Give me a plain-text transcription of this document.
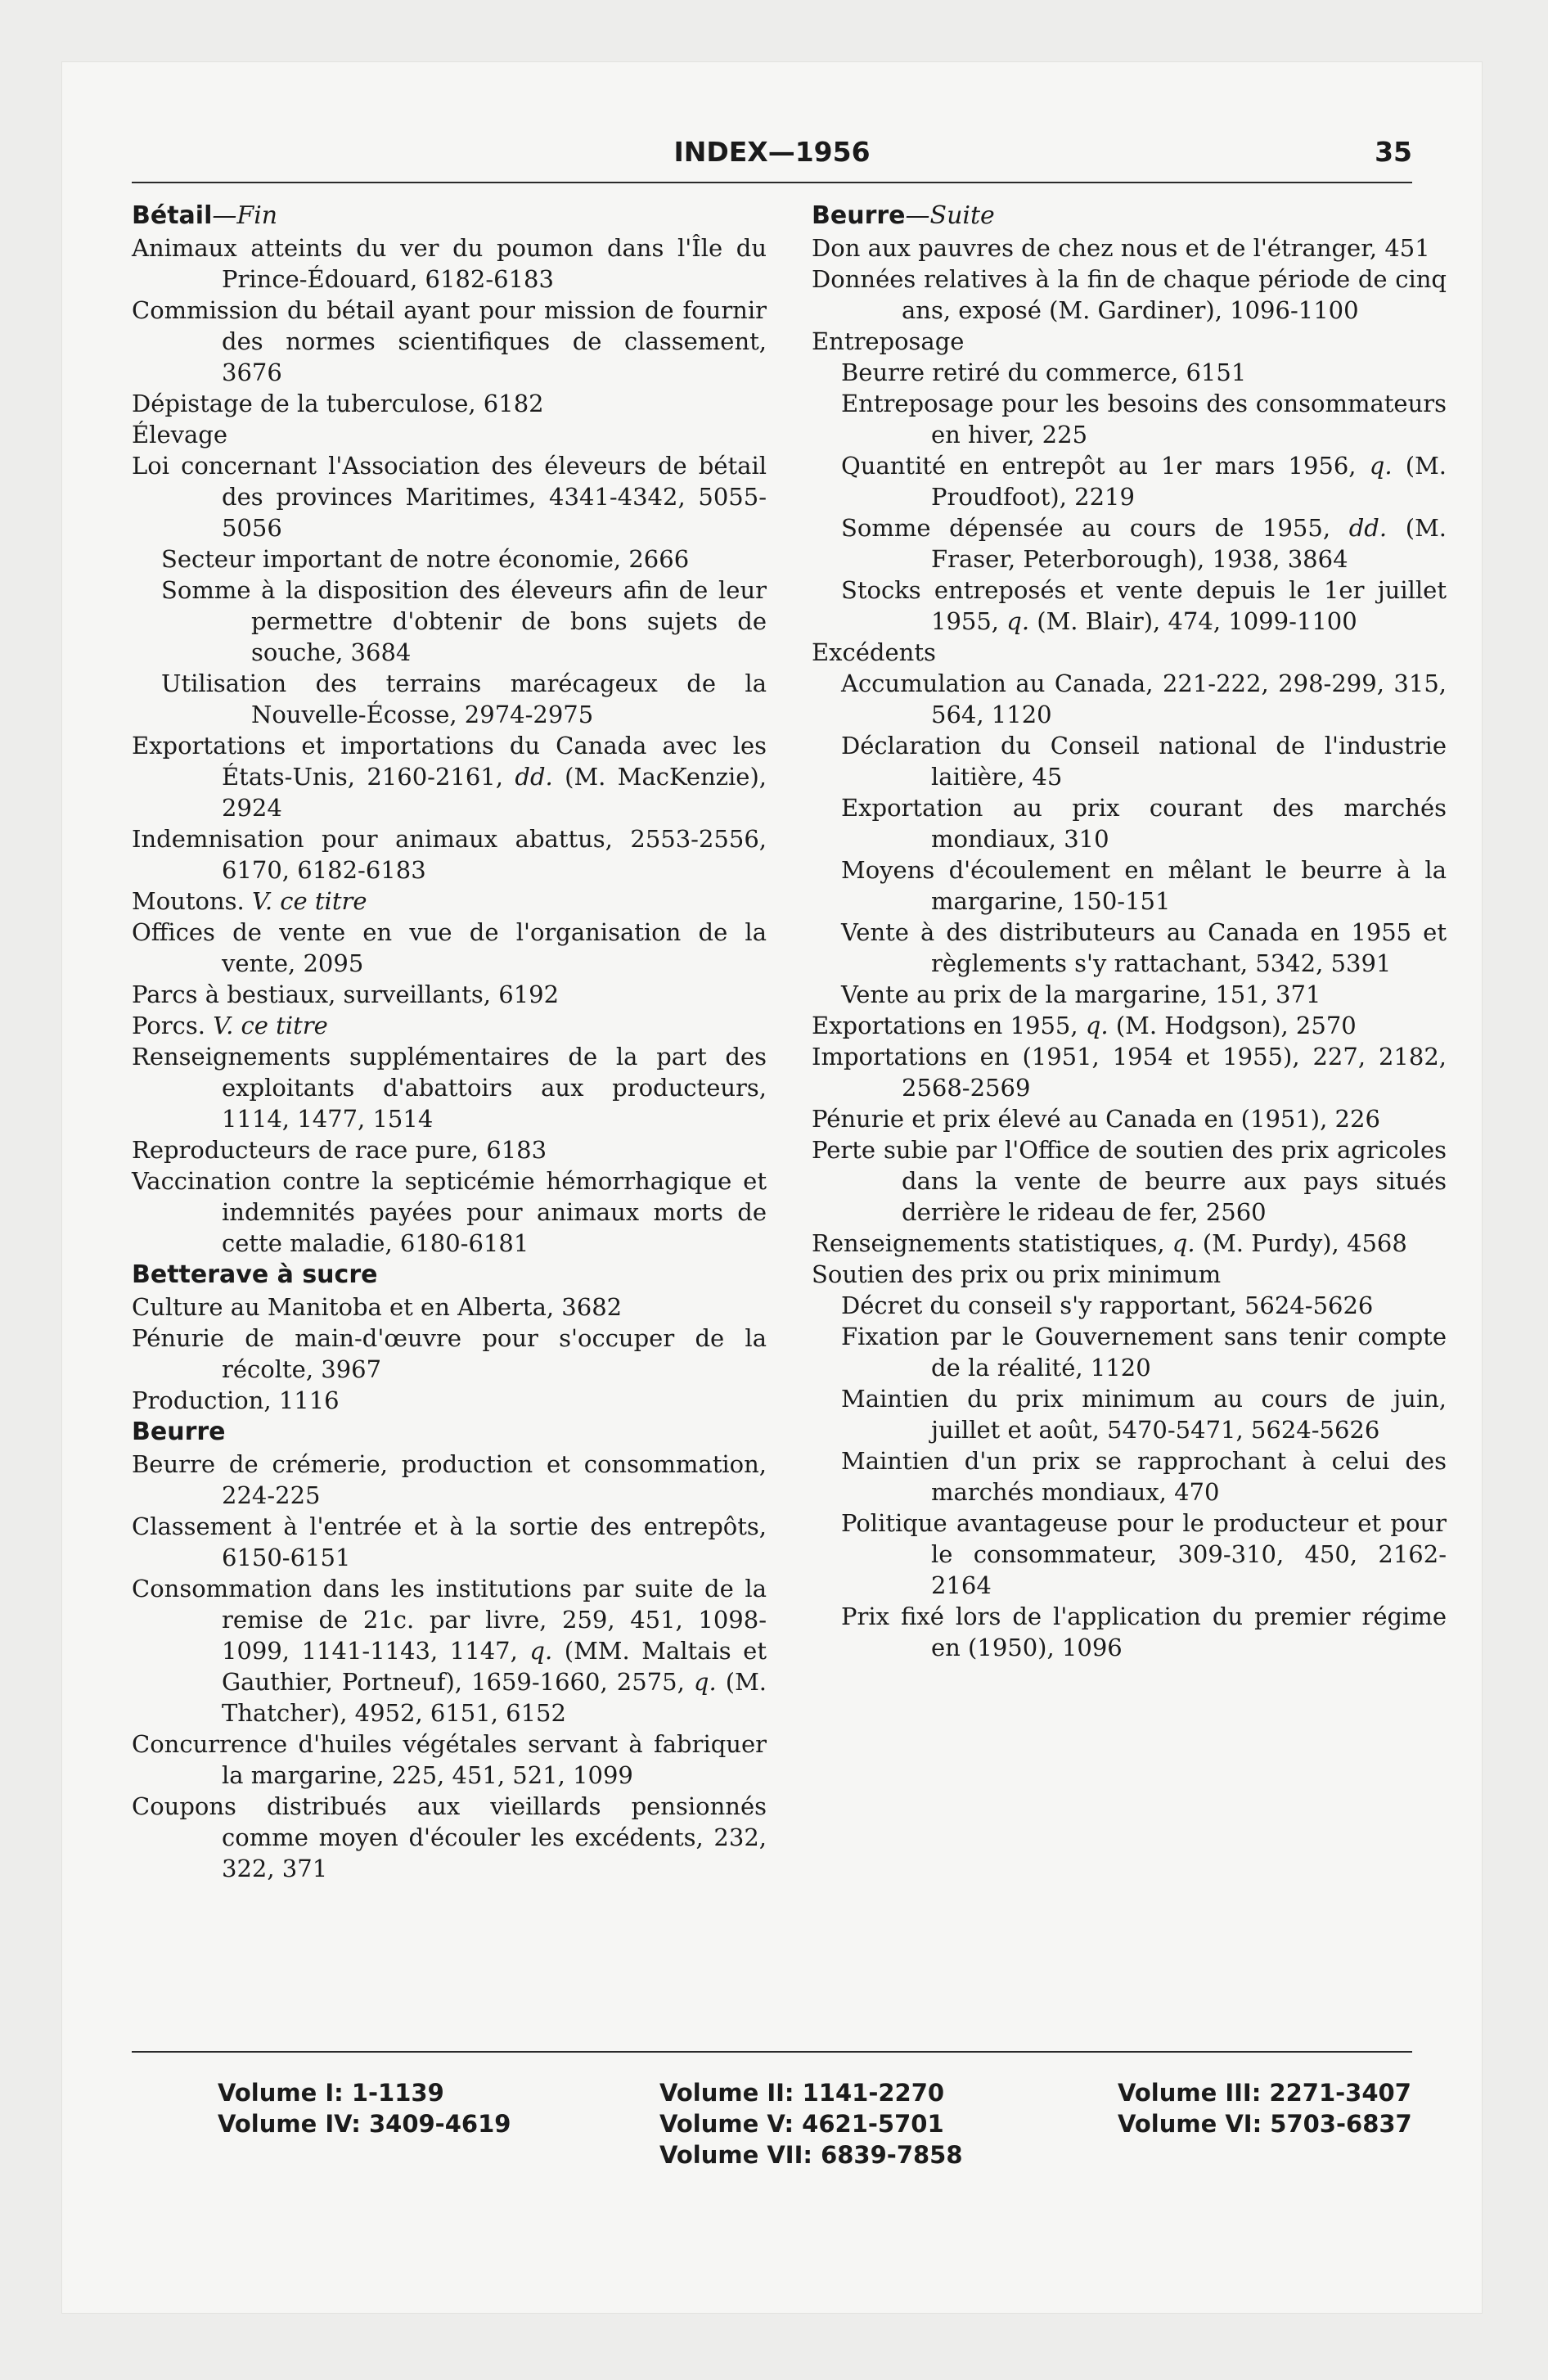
INDEX—1956	35
Bétail—Fin
Animaux atteints du ver du poumon dans l'Île du Prince-Édouard, 6182-6183
Commission du bétail ayant pour mission de fournir des normes scientifiques de classement, 3676
Dépistage de la tuberculose, 6182
Élevage
Loi concernant l'Association des éleveurs de bétail des provinces Maritimes, 4341-4342, 5055-5056
Secteur important de notre économie, 2666
Somme à la disposition des éleveurs afin de leur permettre d'obtenir de bons sujets de souche, 3684
Utilisation des terrains marécageux de la Nouvelle-Écosse, 2974-2975
Exportations et importations du Canada avec les États-Unis, 2160-2161, dd. (M. MacKenzie), 2924
Indemnisation pour animaux abattus, 2553-2556, 6170, 6182-6183
Moutons. V. ce titre
Offices de vente en vue de l'organisation de la vente, 2095
Parcs à bestiaux, surveillants, 6192
Porcs. V. ce titre
Renseignements supplémentaires de la part des exploitants d'abattoirs aux producteurs, 1114, 1477, 1514
Reproducteurs de race pure, 6183
Vaccination contre la septicémie hémorrhagique et indemnités payées pour animaux morts de cette maladie, 6180-6181
Betterave à sucre
Culture au Manitoba et en Alberta, 3682
Pénurie de main-d'œuvre pour s'occuper de la récolte, 3967
Production, 1116
Beurre
Beurre de crémerie, production et consommation, 224-225
Classement à l'entrée et à la sortie des entrepôts, 6150-6151
Consommation dans les institutions par suite de la remise de 21c. par livre, 259, 451, 1098-1099, 1141-1143, 1147, q. (MM. Maltais et Gauthier, Portneuf), 1659-1660, 2575, q. (M. Thatcher), 4952, 6151, 6152
Concurrence d'huiles végétales servant à fabriquer la margarine, 225, 451, 521, 1099
Coupons distribués aux vieillards pensionnés comme moyen d'écouler les excédents, 232, 322, 371
Beurre—Suite
Don aux pauvres de chez nous et de l'étranger, 451
Données relatives à la fin de chaque période de cinq ans, exposé (M. Gardiner), 1096-1100
Entreposage
Beurre retiré du commerce, 6151
Entreposage pour les besoins des consommateurs en hiver, 225
Quantité en entrepôt au 1er mars 1956, q. (M. Proudfoot), 2219
Somme dépensée au cours de 1955, dd. (M. Fraser, Peterborough), 1938, 3864
Stocks entreposés et vente depuis le 1er juillet 1955, q. (M. Blair), 474, 1099-1100
Excédents
Accumulation au Canada, 221-222, 298-299, 315, 564, 1120
Déclaration du Conseil national de l'industrie laitière, 45
Exportation au prix courant des marchés mondiaux, 310
Moyens d'écoulement en mêlant le beurre à la margarine, 150-151
Vente à des distributeurs au Canada en 1955 et règlements s'y rattachant, 5342, 5391
Vente au prix de la margarine, 151, 371
Exportations en 1955, q. (M. Hodgson), 2570
Importations en (1951, 1954 et 1955), 227, 2182, 2568-2569
Pénurie et prix élevé au Canada en (1951), 226
Perte subie par l'Office de soutien des prix agricoles dans la vente de beurre aux pays situés derrière le rideau de fer, 2560
Renseignements statistiques, q. (M. Purdy), 4568
Soutien des prix ou prix minimum
Décret du conseil s'y rapportant, 5624-5626
Fixation par le Gouvernement sans tenir compte de la réalité, 1120
Maintien du prix minimum au cours de juin, juillet et août, 5470-5471, 5624-5626
Maintien d'un prix se rapprochant à celui des marchés mondiaux, 470
Politique avantageuse pour le producteur et pour le consommateur, 309-310, 450, 2162-2164
Prix fixé lors de l'application du premier régime en (1950), 1096
Volume I: 1-1139
Volume IV: 3409-4619
Volume II: 1141-2270
Volume V: 4621-5701
Volume VII: 6839-7858
Volume III: 2271-3407
Volume VI: 5703-6837
